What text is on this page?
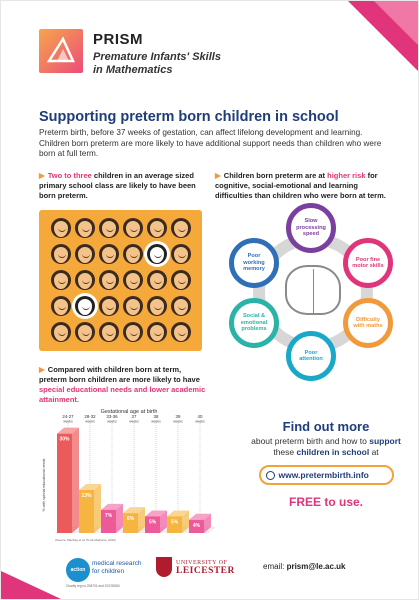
PRISM
Premature Infants' Skills
in Mathematics
Supporting preterm born children in school
Preterm birth, before 37 weeks of gestation, can affect lifelong development and learning. Children born preterm are more likely to have additional support needs than children who were born at full term.
▶ Two to three children in an average sized primary school class are likely to have been born preterm.
▶ Children born preterm are at higher risk for cognitive, social-emotional and learning difficulties than children who were born at term.
Slow processing speed
Poor fine motor skills
Difficulty with maths
Poor attention
Social & emotional problems
Poor working memory
▶ Compared with children born at term, preterm born children are more likely to have special educational needs and lower academic attainment.
Gestational age at birth
% with special educational needs
30%
24-27
weeks
13%
28-32
weeks
7%
33-36
weeks
6%
37
weeks
5%
38
weeks
5%
39
weeks
4%
40
weeks
(Source: MacKay et al, PLoS Medicine, 2010)
Find out more
about preterm birth and how to support these children in school at
www.pretermbirth.info
FREE to use.
email: prism@le.ac.uk
action
medical research
for children
Charity reg no 208701 and SC039284
UNIVERSITY OF
LEICESTER
